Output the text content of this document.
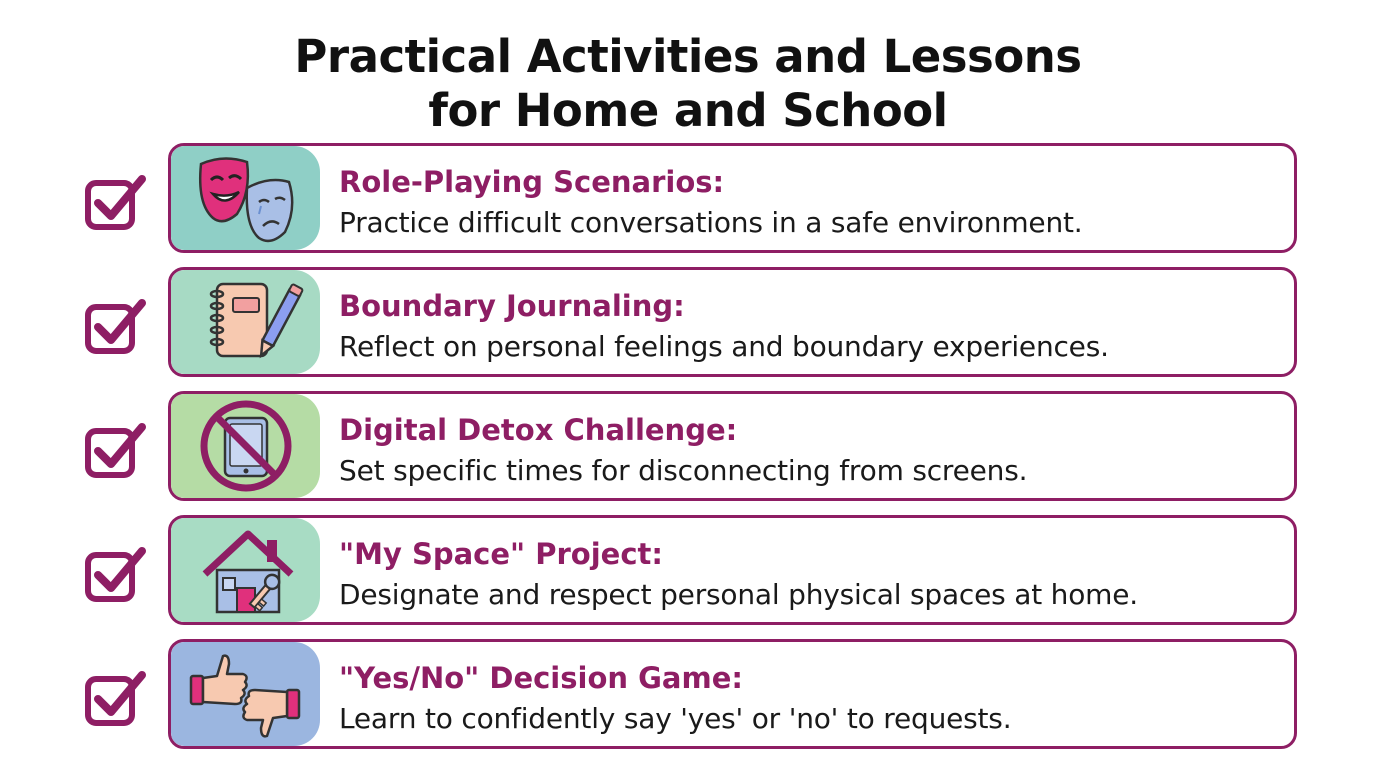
Practical Activities and Lessons
for Home and School
Role-Playing Scenarios:
Practice difficult conversations in a safe environment.
Boundary Journaling:
Reflect on personal feelings and boundary experiences.
Digital Detox Challenge:
Set specific times for disconnecting from screens.
"My Space" Project:
Designate and respect personal physical spaces at home.
"Yes/No" Decision Game:
Learn to confidently say 'yes' or 'no' to requests.
